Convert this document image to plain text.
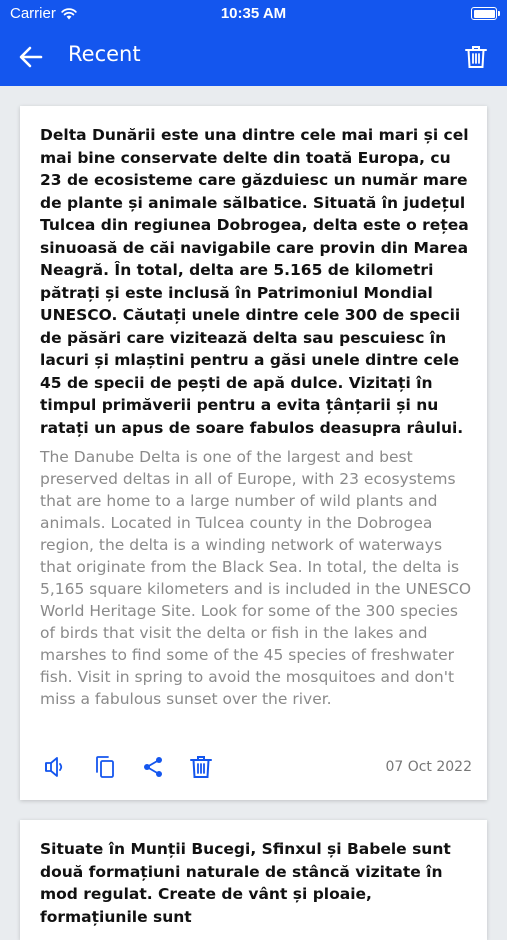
Carrier	10:35 AM
Recent
Delta Dunării este una dintre cele mai mari și cel mai bine conservate delte din toată Europa, cu 23 de ecosisteme care găzduiesc un număr mare de plante și animale sălbatice. Situată în județul Tulcea din regiunea Dobrogea, delta este o rețea sinuoasă de căi navigabile care provin din Marea Neagră. În total, delta are 5.165 de kilometri pătrați și este inclusă în Patrimoniul Mondial UNESCO. Căutați unele dintre cele 300 de specii de păsări care vizitează delta sau pescuiesc în lacuri și mlaștini pentru a găsi unele dintre cele 45 de specii de pești de apă dulce. Vizitați în timpul primăverii pentru a evita țânțarii și nu ratați un apus de soare fabulos deasupra râului.
The Danube Delta is one of the largest and best preserved deltas in all of Europe, with 23 ecosystems that are home to a large number of wild plants and animals. Located in Tulcea county in the Dobrogea region, the delta is a winding network of waterways that originate from the Black Sea. In total, the delta is 5,165 square kilometers and is included in the UNESCO World Heritage Site. Look for some of the 300 species of birds that visit the delta or fish in the lakes and marshes to find some of the 45 species of freshwater fish. Visit in spring to avoid the mosquitoes and don't miss a fabulous sunset over the river.
07 Oct 2022
Situate în Munții Bucegi, Sfinxul și Babele sunt două formațiuni naturale de stâncă vizitate în mod regulat. Create de vânt și ploaie, formațiunile sunt
